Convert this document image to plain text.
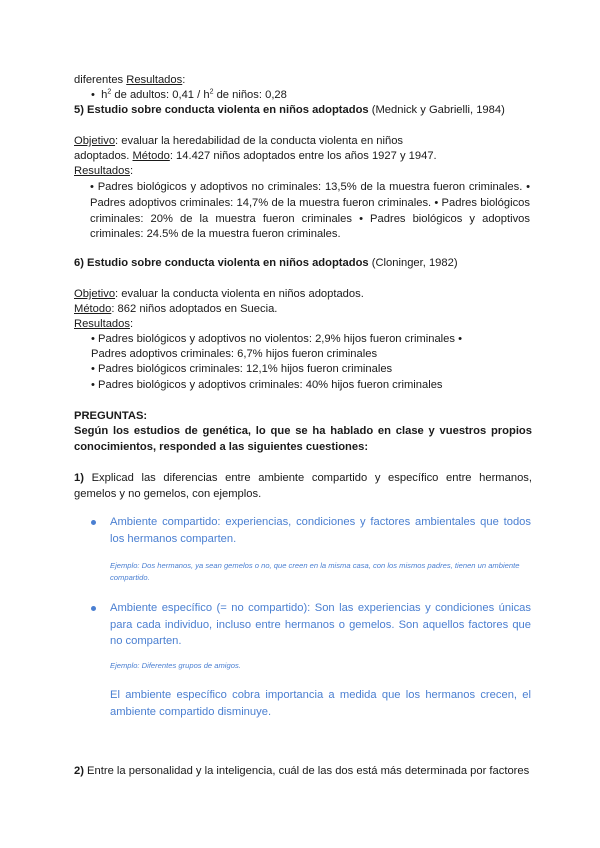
diferentes Resultados:
• $h^2$ de adultos: $0,41 / h^2$ de niños: 0,28
5) Estudio sobre conducta violenta en niños adoptados (Mednick y Gabrielli, 1984)
Objetivo: evaluar la heredabilidad de la conducta violenta en niños
adoptados. Método: 14.427 niños adoptados entre los años 1927 y 1947.
Resultados:
• Padres biológicos y adoptivos no criminales: 13,5% de la muestra fueron criminales. • Padres adoptivos criminales: 14,7% de la muestra fueron criminales. • Padres biológicos criminales: 20% de la muestra fueron criminales • Padres biológicos y adoptivos criminales: 24.5% de la muestra fueron criminales.
6) Estudio sobre conducta violenta en niños adoptados (Cloninger, 1982)
Objetivo: evaluar la conducta violenta en niños adoptados.
Método: 862 niños adoptados en Suecia.
Resultados:
• Padres biológicos y adoptivos no violentos: 2,9% hijos fueron criminales •
Padres adoptivos criminales: 6,7% hijos fueron criminales
• Padres biológicos criminales: 12,1% hijos fueron criminales
• Padres biológicos y adoptivos criminales: 40% hijos fueron criminales
PREGUNTAS:
Según los estudios de genética, lo que se ha hablado en clase y vuestros propios conocimientos, responded a las siguientes cuestiones:
1) Explicad las diferencias entre ambiente compartido y específico entre hermanos, gemelos y no gemelos, con ejemplos.
Ambiente compartido: experiencias, condiciones y factores ambientales que todos los hermanos comparten.
Ejemplo: Dos hermanos, ya sean gemelos o no, que creen en la misma casa, con los mismos padres, tienen un ambiente compartido.
Ambiente específico (= no compartido): Son las experiencias y condiciones únicas para cada individuo, incluso entre hermanos o gemelos. Son aquellos factores que no comparten.
Ejemplo: Diferentes grupos de amigos.
El ambiente específico cobra importancia a medida que los hermanos crecen, el ambiente compartido disminuye.
2) Entre la personalidad y la inteligencia, cuál de las dos está más determinada por factores
